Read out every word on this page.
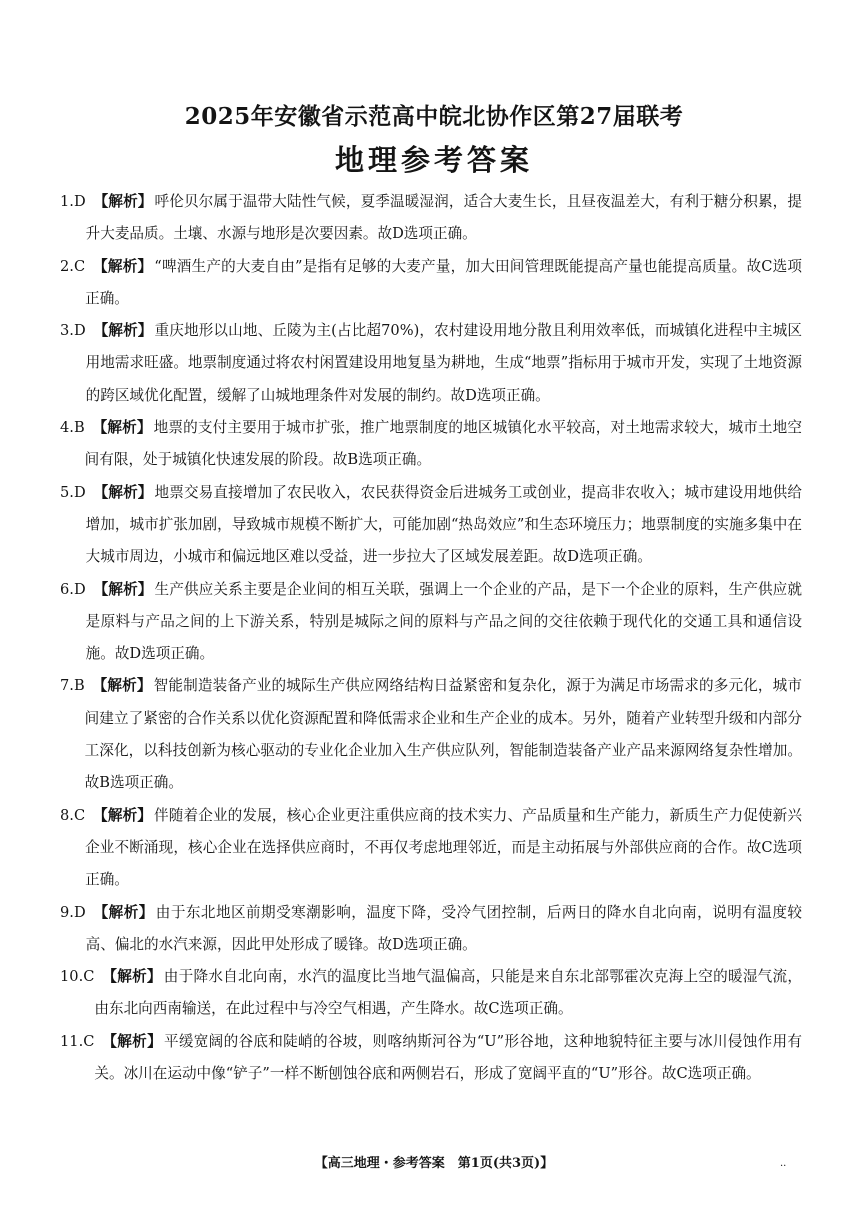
2025年安徽省示范高中皖北协作区第27届联考
地理参考答案
1. D 【解析】 呼伦贝尔属于温带大陆性气候，夏季温暖湿润，适合大麦生长，且昼夜温差大，有利于糖分积累，提升大麦品质。土壤、水源与地形是次要因素。故D选项正确。
2. C 【解析】 “啤酒生产的大麦自由”是指有足够的大麦产量，加大田间管理既能提高产量也能提高质量。故C选项正确。
3. D 【解析】 重庆地形以山地、丘陵为主(占比超70%)，农村建设用地分散且利用效率低，而城镇化进程中主城区用地需求旺盛。地票制度通过将农村闲置建设用地复垦为耕地，生成“地票”指标用于城市开发，实现了土地资源的跨区域优化配置，缓解了山城地理条件对发展的制约。故D选项正确。
4. B 【解析】 地票的支付主要用于城市扩张，推广地票制度的地区城镇化水平较高，对土地需求较大，城市土地空间有限，处于城镇化快速发展的阶段。故B选项正确。
5. D 【解析】 地票交易直接增加了农民收入，农民获得资金后进城务工或创业，提高非农收入；城市建设用地供给增加，城市扩张加剧，导致城市规模不断扩大，可能加剧“热岛效应”和生态环境压力；地票制度的实施多集中在大城市周边，小城市和偏远地区难以受益，进一步拉大了区域发展差距。故D选项正确。
6. D 【解析】 生产供应关系主要是企业间的相互关联，强调上一个企业的产品，是下一个企业的原料，生产供应就是原料与产品之间的上下游关系，特别是城际之间的原料与产品之间的交往依赖于现代化的交通工具和通信设施。故D选项正确。
7. B 【解析】 智能制造装备产业的城际生产供应网络结构日益紧密和复杂化，源于为满足市场需求的多元化，城市间建立了紧密的合作关系以优化资源配置和降低需求企业和生产企业的成本。另外，随着产业转型升级和内部分工深化，以科技创新为核心驱动的专业化企业加入生产供应队列，智能制造装备产业产品来源网络复杂性增加。故B选项正确。
8. C 【解析】 伴随着企业的发展，核心企业更注重供应商的技术实力、产品质量和生产能力，新质生产力促使新兴企业不断涌现，核心企业在选择供应商时，不再仅考虑地理邻近，而是主动拓展与外部供应商的合作。故C选项正确。
9. D 【解析】 由于东北地区前期受寒潮影响，温度下降，受冷气团控制，后两日的降水自北向南，说明有温度较高、偏北的水汽来源，因此甲处形成了暖锋。故D选项正确。
10. C 【解析】 由于降水自北向南，水汽的温度比当地气温偏高，只能是来自东北部鄂霍次克海上空的暖湿气流，由东北向西南输送，在此过程中与冷空气相遇，产生降水。故C选项正确。
11. C 【解析】 平缓宽阔的谷底和陡峭的谷坡，则喀纳斯河谷为“U”形谷地，这种地貌特征主要与冰川侵蚀作用有关。冰川在运动中像“铲子”一样不断刨蚀谷底和两侧岩石，形成了宽阔平直的“U”形谷。故C选项正确。
【高三地理・参考答案　第1页(共3页)】	..
